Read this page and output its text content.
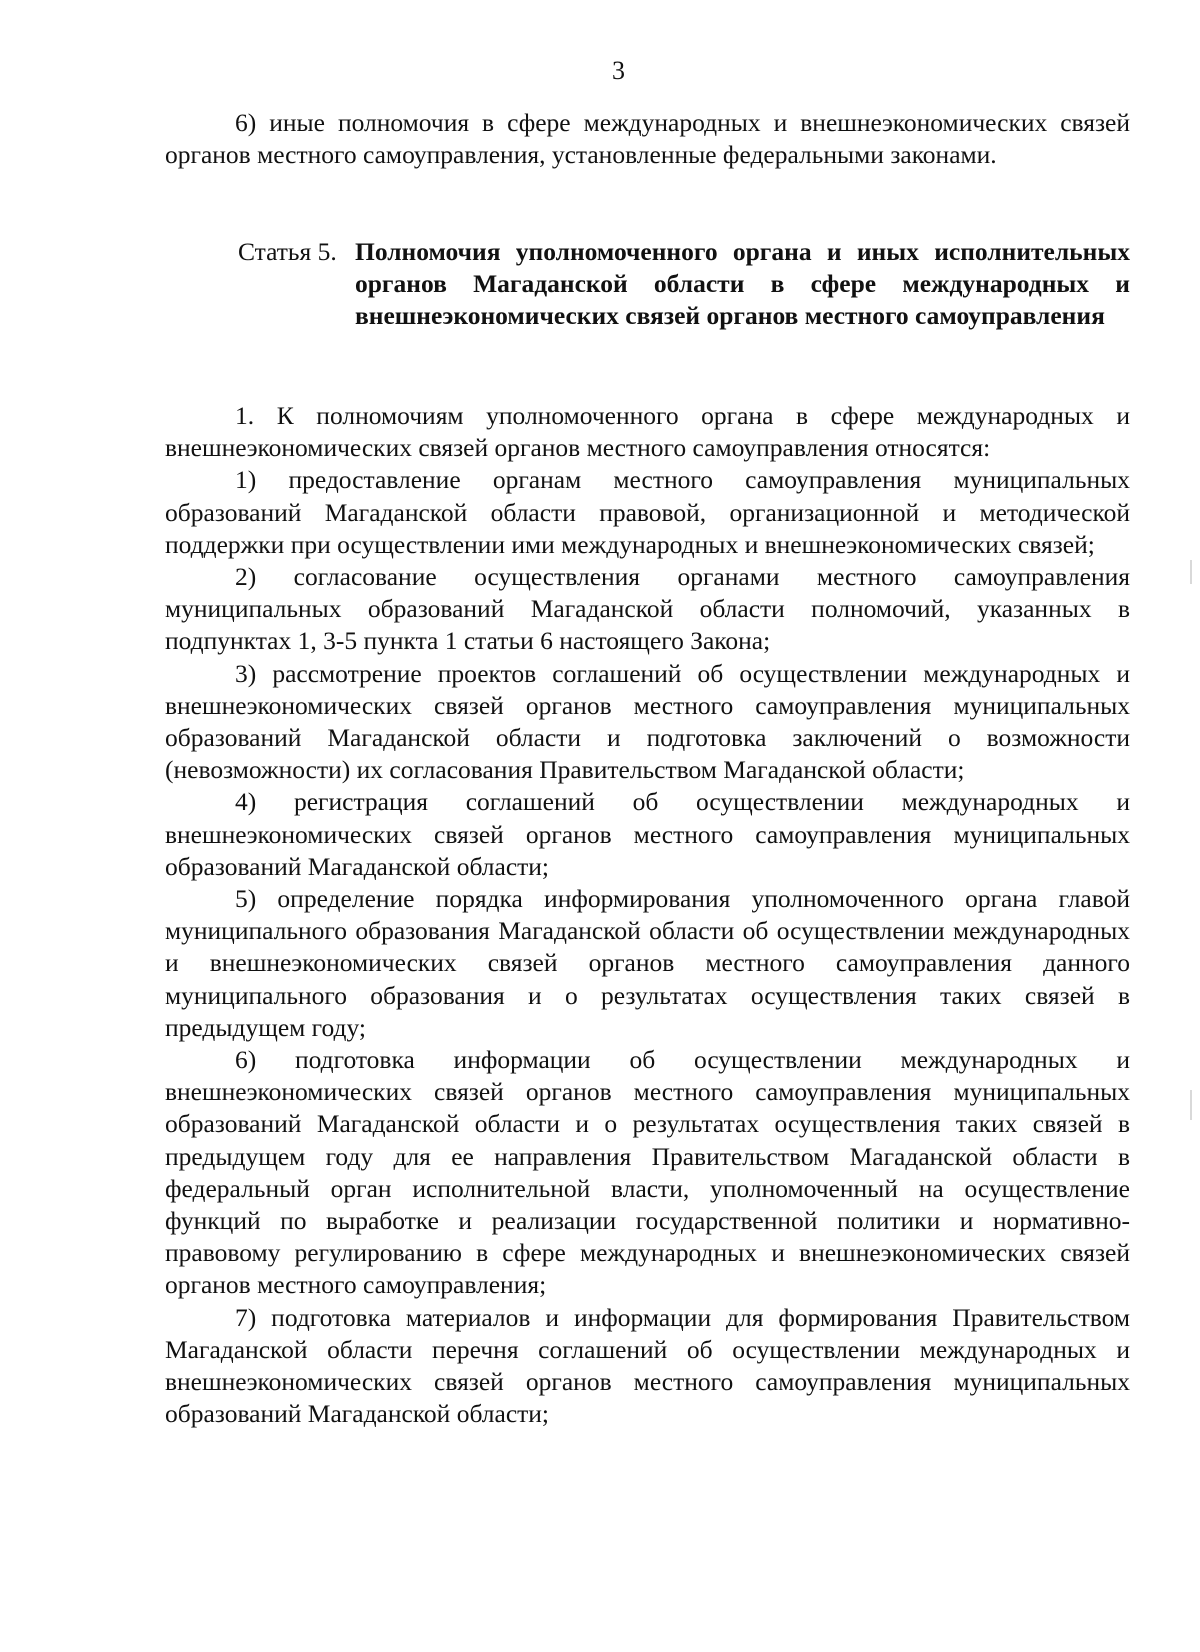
3

6) иные полномочия в сфере международных и внешнеэкономических связей органов местного самоуправления, установленные федеральными законами.

Статья 5. Полномочия уполномоченного органа и иных исполнительных органов Магаданской области в сфере международных и внешнеэкономических связей органов местного самоуправления

1. К полномочиям уполномоченного органа в сфере международных и внешнеэкономических связей органов местного самоуправления относятся:

1) предоставление органам местного самоуправления муниципальных образований Магаданской области правовой, организационной и методической поддержки при осуществлении ими международных и внешнеэкономических связей;

2) согласование осуществления органами местного самоуправления муниципальных образований Магаданской области полномочий, указанных в подпунктах 1, 3-5 пункта 1 статьи 6 настоящего Закона;

3) рассмотрение проектов соглашений об осуществлении международных и внешнеэкономических связей органов местного самоуправления муниципальных образований Магаданской области и подготовка заключений о возможности (невозможности) их согласования Правительством Магаданской области;

4) регистрация соглашений об осуществлении международных и внешнеэкономических связей органов местного самоуправления муниципальных образований Магаданской области;

5) определение порядка информирования уполномоченного органа главой муниципального образования Магаданской области об осуществлении международных и внешнеэкономических связей органов местного самоуправления данного муниципального образования и о результатах осуществления таких связей в предыдущем году;

6) подготовка информации об осуществлении международных и внешнеэкономических связей органов местного самоуправления муниципальных образований Магаданской области и о результатах осуществления таких связей в предыдущем году для ее направления Правительством Магаданской области в федеральный орган исполнительной власти, уполномоченный на осуществление функций по выработке и реализации государственной политики и нормативно-правовому регулированию в сфере международных и внешнеэкономических связей органов местного самоуправления;

7) подготовка материалов и информации для формирования Правительством Магаданской области перечня соглашений об осуществлении международных и внешнеэкономических связей органов местного самоуправления муниципальных образований Магаданской области;
